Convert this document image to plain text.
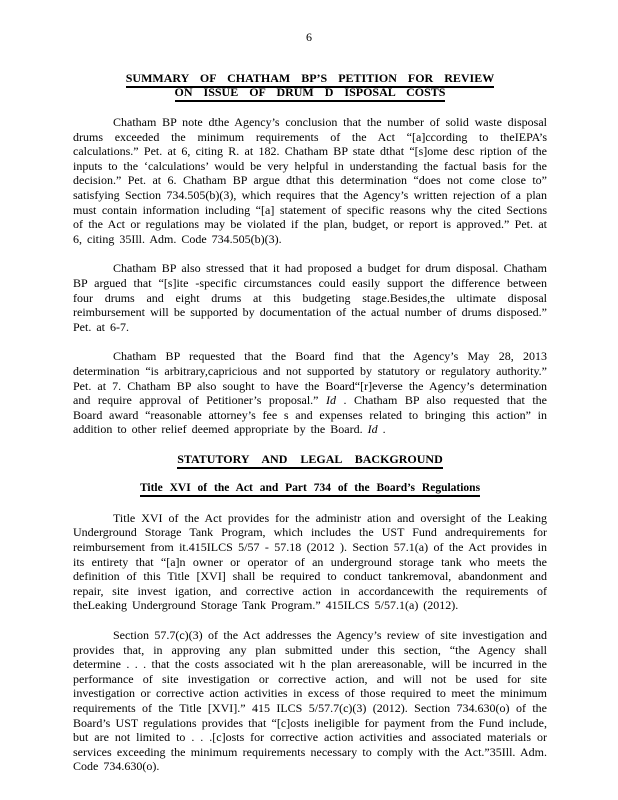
6
SUMMARY OF CHATHAM BP’S PETITION FOR REVIEW
ON ISSUE OF DRUM D ISPOSAL COSTS

Chatham BP note dthe Agency’s conclusion that the number of solid waste disposal drums exceeded the minimum requirements of the Act “[a]ccording to theIEPA’s calculations.” Pet. at 6, citing R. at 182. Chatham BP state dthat “[s]ome desc ription of the inputs to the ‘calculations’ would be very helpful in understanding the factual basis for the decision.” Pet. at 6. Chatham BP argue dthat this determination “does not come close to” satisfying Section 734.505(b)(3), which requires that the Agency’s written rejection of a plan must contain information including “[a] statement of specific reasons why the cited Sections of the Act or regulations may be violated if the plan, budget, or report is approved.” Pet. at 6, citing 35Ill. Adm. Code 734.505(b)(3).

Chatham BP also stressed that it had proposed a budget for drum disposal. Chatham BP argued that “[s]ite -specific circumstances could easily support the difference between four drums and eight drums at this budgeting stage.Besides,the ultimate disposal reimbursement will be supported by documentation of the actual number of drums disposed.” Pet. at 6-7.

Chatham BP requested that the Board find that the Agency’s May 28, 2013 determination “is arbitrary,capricious and not supported by statutory or regulatory authority.” Pet. at 7. Chatham BP also sought to have the Board“[r]everse the Agency’s determination and require approval of Petitioner’s proposal.” Id . Chatham BP also requested that the Board award “reasonable attorney’s fee s and expenses related to bringing this action” in addition to other relief deemed appropriate by the Board. Id .

STATUTORY AND LEGAL BACKGROUND
Title XVI of the Act and Part 734 of the Board’s Regulations

Title XVI of the Act provides for the administr ation and oversight of the Leaking Underground Storage Tank Program, which includes the UST Fund andrequirements for reimbursement from it.415ILCS 5/57 - 57.18 (2012 ). Section 57.1(a) of the Act provides in its entirety that “[a]n owner or operator of an underground storage tank who meets the definition of this Title [XVI] shall be required to conduct tankremoval, abandonment and repair, site invest igation, and corrective action in accordancewith the requirements of theLeaking Underground Storage Tank Program.” 415ILCS 5/57.1(a) (2012).

Section 57.7(c)(3) of the Act addresses the Agency’s review of site investigation and provides that, in approving any plan submitted under this section, “the Agency shall determine . . . that the costs associated wit h the plan arereasonable, will be incurred in the performance of site investigation or corrective action, and will not be used for site investigation or corrective action activities in excess of those required to meet the minimum requirements of the Title [XVI].” 415 ILCS 5/57.7(c)(3) (2012). Section 734.630(o) of the Board’s UST regulations provides that “[c]osts ineligible for payment from the Fund include, but are not limited to . . .[c]osts for corrective action activities and associated materials or services exceeding the minimum requirements necessary to comply with the Act.”35Ill. Adm. Code 734.630(o).
